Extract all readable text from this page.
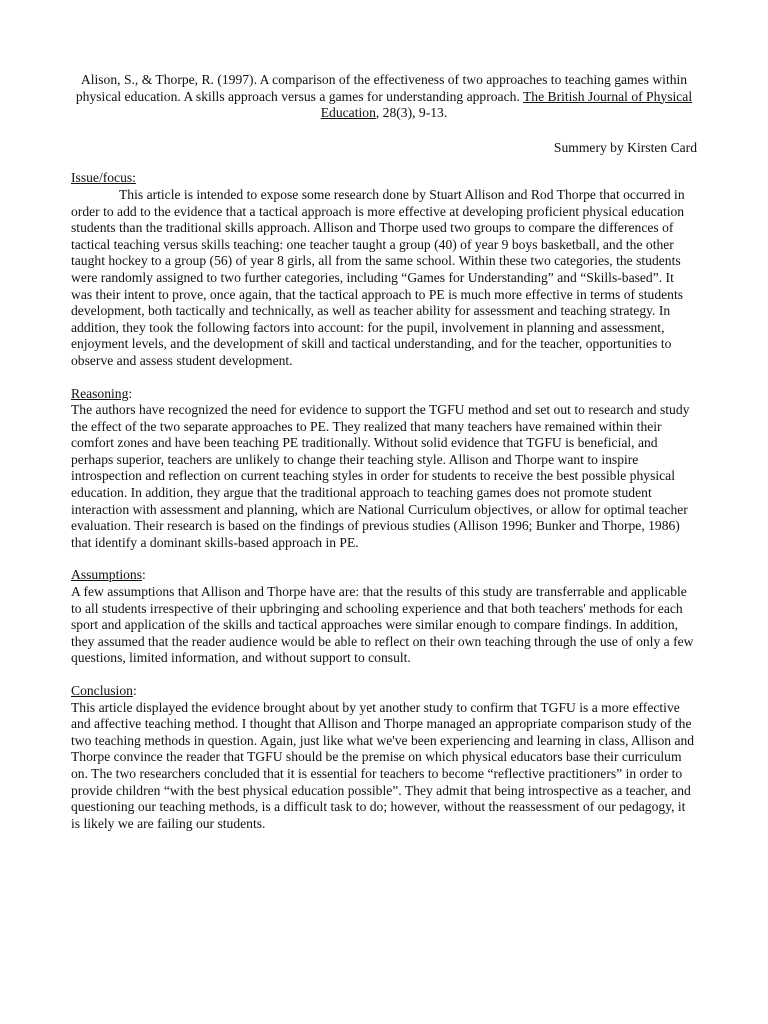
Alison, S., & Thorpe, R. (1997). A comparison of the effectiveness of two approaches to teaching games within physical education. A skills approach versus a games for understanding approach. The British Journal of Physical Education, 28(3), 9-13.

Summery by Kirsten Card

Issue/focus:

This article is intended to expose some research done by Stuart Allison and Rod Thorpe that occurred in order to add to the evidence that a tactical approach is more effective at developing proficient physical education students than the traditional skills approach. Allison and Thorpe used two groups to compare the differences of tactical teaching versus skills teaching: one teacher taught a group (40) of year 9 boys basketball, and the other taught hockey to a group (56) of year 8 girls, all from the same school. Within these two categories, the students were randomly assigned to two further categories, including “Games for Understanding” and “Skills-based”. It was their intent to prove, once again, that the tactical approach to PE is much more effective in terms of students development, both tactically and technically, as well as teacher ability for assessment and teaching strategy. In addition, they took the following factors into account: for the pupil, involvement in planning and assessment, enjoyment levels, and the development of skill and tactical understanding, and for the teacher, opportunities to observe and assess student development.

Reasoning:

The authors have recognized the need for evidence to support the TGFU method and set out to research and study the effect of the two separate approaches to PE. They realized that many teachers have remained within their comfort zones and have been teaching PE traditionally. Without solid evidence that TGFU is beneficial, and perhaps superior, teachers are unlikely to change their teaching style. Allison and Thorpe want to inspire introspection and reflection on current teaching styles in order for students to receive the best possible physical education. In addition, they argue that the traditional approach to teaching games does not promote student interaction with assessment and planning, which are National Curriculum objectives, or allow for optimal teacher evaluation. Their research is based on the findings of previous studies (Allison 1996; Bunker and Thorpe, 1986) that identify a dominant skills-based approach in PE.

Assumptions:

A few assumptions that Allison and Thorpe have are: that the results of this study are transferrable and applicable to all students irrespective of their upbringing and schooling experience and that both teachers' methods for each sport and application of the skills and tactical approaches were similar enough to compare findings. In addition, they assumed that the reader audience would be able to reflect on their own teaching through the use of only a few questions, limited information, and without support to consult.

Conclusion:

This article displayed the evidence brought about by yet another study to confirm that TGFU is a more effective and affective teaching method. I thought that Allison and Thorpe managed an appropriate comparison study of the two teaching methods in question. Again, just like what we've been experiencing and learning in class, Allison and Thorpe convince the reader that TGFU should be the premise on which physical educators base their curriculum on. The two researchers concluded that it is essential for teachers to become “reflective practitioners” in order to provide children “with the best physical education possible”. They admit that being introspective as a teacher, and questioning our teaching methods, is a difficult task to do; however, without the reassessment of our pedagogy, it is likely we are failing our students.
